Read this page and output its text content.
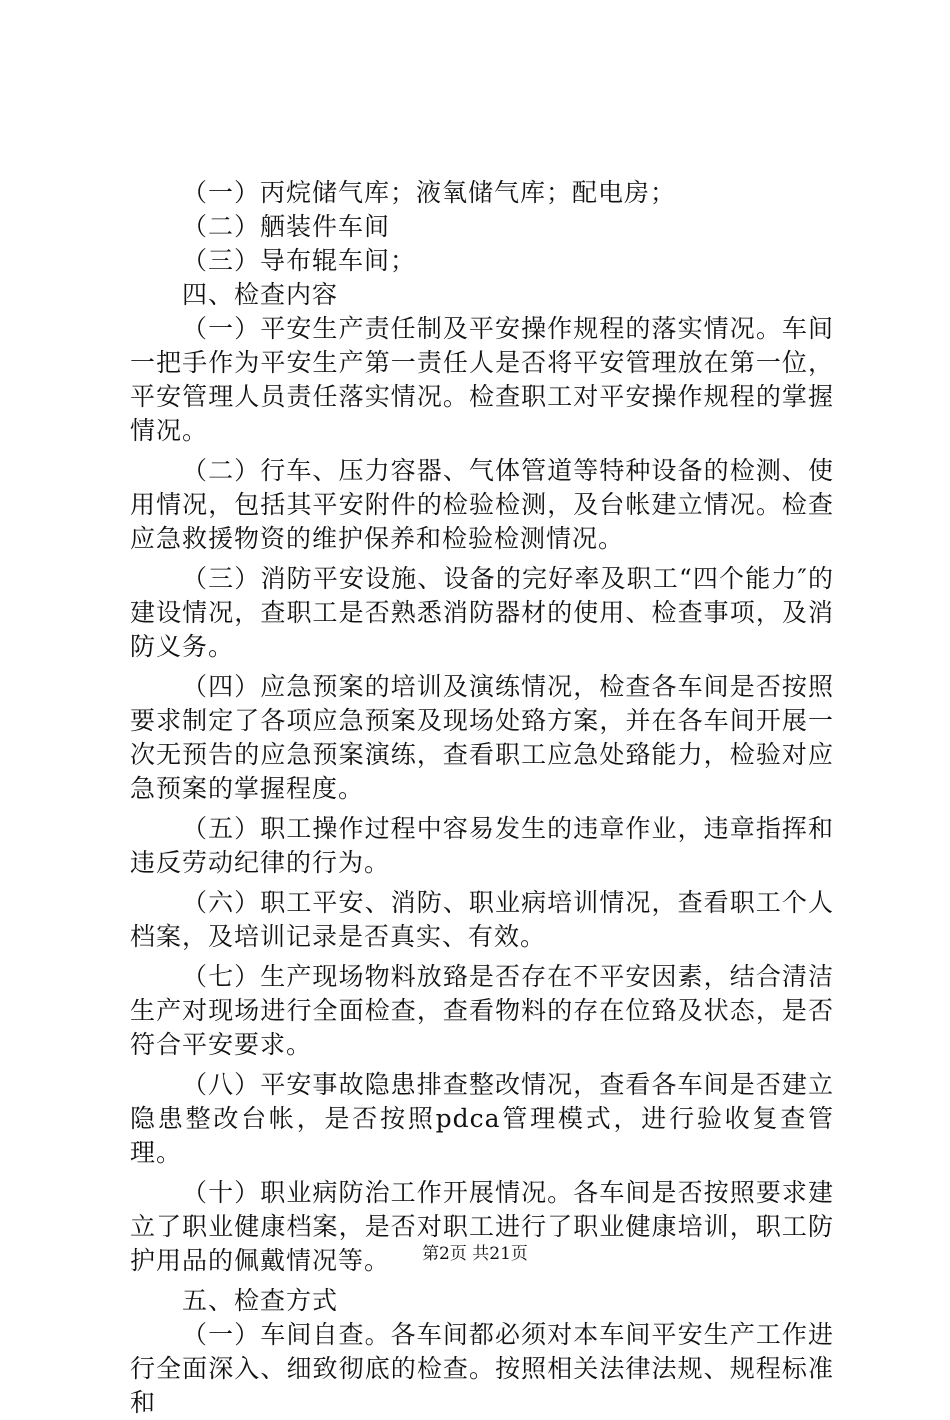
（一）丙烷储气库；液氧储气库；配电房；

（二）舾装件车间

（三）导布辊车间；

四、检查内容

（一）平安生产责任制及平安操作规程的落实情况。车间一把手作为平安生产第一责任人是否将平安管理放在第一位，平安管理人员责任落实情况。检查职工对平安操作规程的掌握情况。

（二）行车、压力容器、气体管道等特种设备的检测、使用情况，包括其平安附件的检验检测，及台帐建立情况。检查应急救援物资的维护保养和检验检测情况。

（三）消防平安设施、设备的完好率及职工“四个能力″的建设情况，查职工是否熟悉消防器材的使用、检查事项，及消防义务。

（四）应急预案的培训及演练情况，检查各车间是否按照要求制定了各项应急预案及现场处臵方案，并在各车间开展一次无预告的应急预案演练，查看职工应急处臵能力，检验对应急预案的掌握程度。

（五）职工操作过程中容易发生的违章作业，违章指挥和违反劳动纪律的行为。

（六）职工平安、消防、职业病培训情况，查看职工个人档案，及培训记录是否真实、有效。

（七）生产现场物料放臵是否存在不平安因素，结合清洁生产对现场进行全面检查，查看物料的存在位臵及状态，是否符合平安要求。

（八）平安事故隐患排查整改情况，查看各车间是否建立隐患整改台帐，是否按照pdca管理模式，进行验收复查管理。

（十）职业病防治工作开展情况。各车间是否按照要求建立了职业健康档案，是否对职工进行了职业健康培训，职工防护用品的佩戴情况等。

五、检查方式

（一）车间自查。各车间都必须对本车间平安生产工作进行全面深入、细致彻底的检查。按照相关法律法规、规程标准和

第2页 共21页
